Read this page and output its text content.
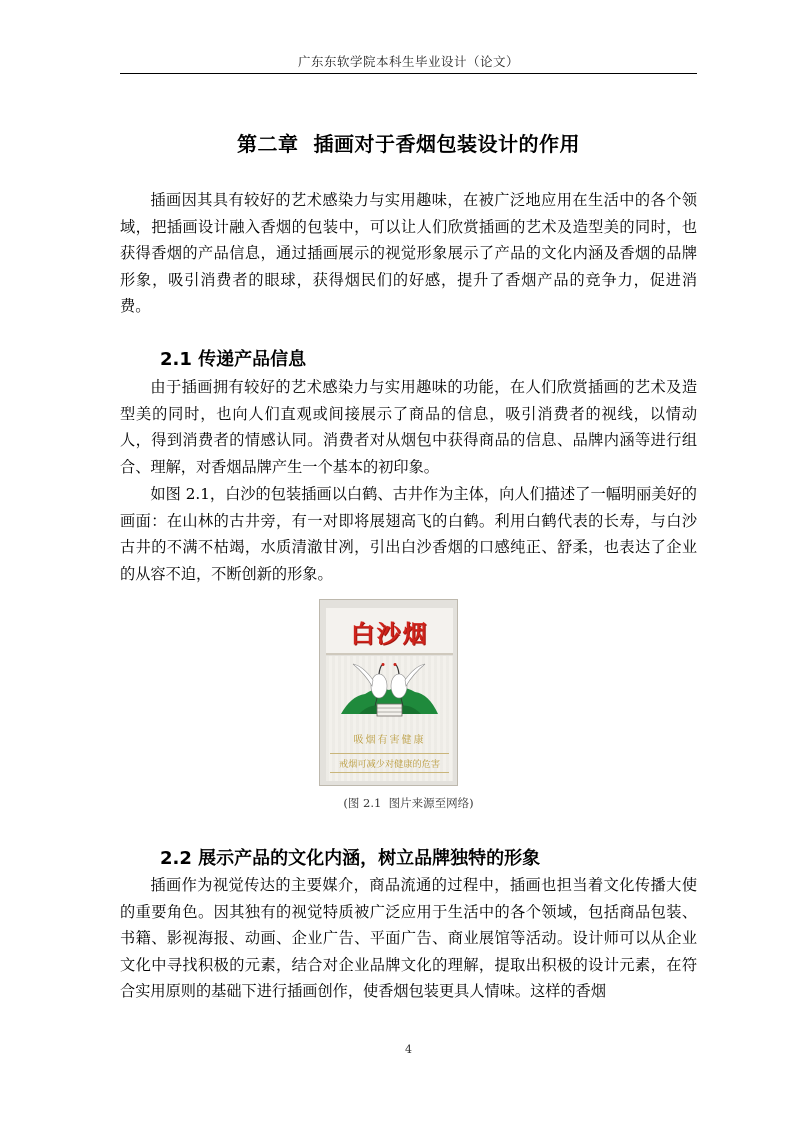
广东东软学院本科生毕业设计（论文）
第二章  插画对于香烟包装设计的作用

插画因其具有较好的艺术感染力与实用趣味，在被广泛地应用在生活中的各个领域，把插画设计融入香烟的包装中，可以让人们欣赏插画的艺术及造型美的同时，也获得香烟的产品信息，通过插画展示的视觉形象展示了产品的文化内涵及香烟的品牌形象，吸引消费者的眼球，获得烟民们的好感，提升了香烟产品的竞争力，促进消费。

2.1 传递产品信息

由于插画拥有较好的艺术感染力与实用趣味的功能，在人们欣赏插画的艺术及造型美的同时，也向人们直观或间接展示了商品的信息，吸引消费者的视线，以情动人，得到消费者的情感认同。消费者对从烟包中获得商品的信息、品牌内涵等进行组合、理解，对香烟品牌产生一个基本的初印象。

如图 2.1，白沙的包装插画以白鹤、古井作为主体，向人们描述了一幅明丽美好的画面：在山林的古井旁，有一对即将展翅高飞的白鹤。利用白鹤代表的长寿，与白沙古井的不满不枯竭，水质清澈甘冽，引出白沙香烟的口感纯正、舒柔，也表达了企业的从容不迫，不断创新的形象。

白沙烟
吸烟有害健康
戒烟可减少对健康的危害
(图 2.1  图片来源至网络)
2.2 展示产品的文化内涵，树立品牌独特的形象

插画作为视觉传达的主要媒介，商品流通的过程中，插画也担当着文化传播大使的重要角色。因其独有的视觉特质被广泛应用于生活中的各个领域，包括商品包装、书籍、影视海报、动画、企业广告、平面广告、商业展馆等活动。设计师可以从企业文化中寻找积极的元素，结合对企业品牌文化的理解，提取出积极的设计元素，在符合实用原则的基础下进行插画创作，使香烟包装更具人情味。这样的香烟

4
